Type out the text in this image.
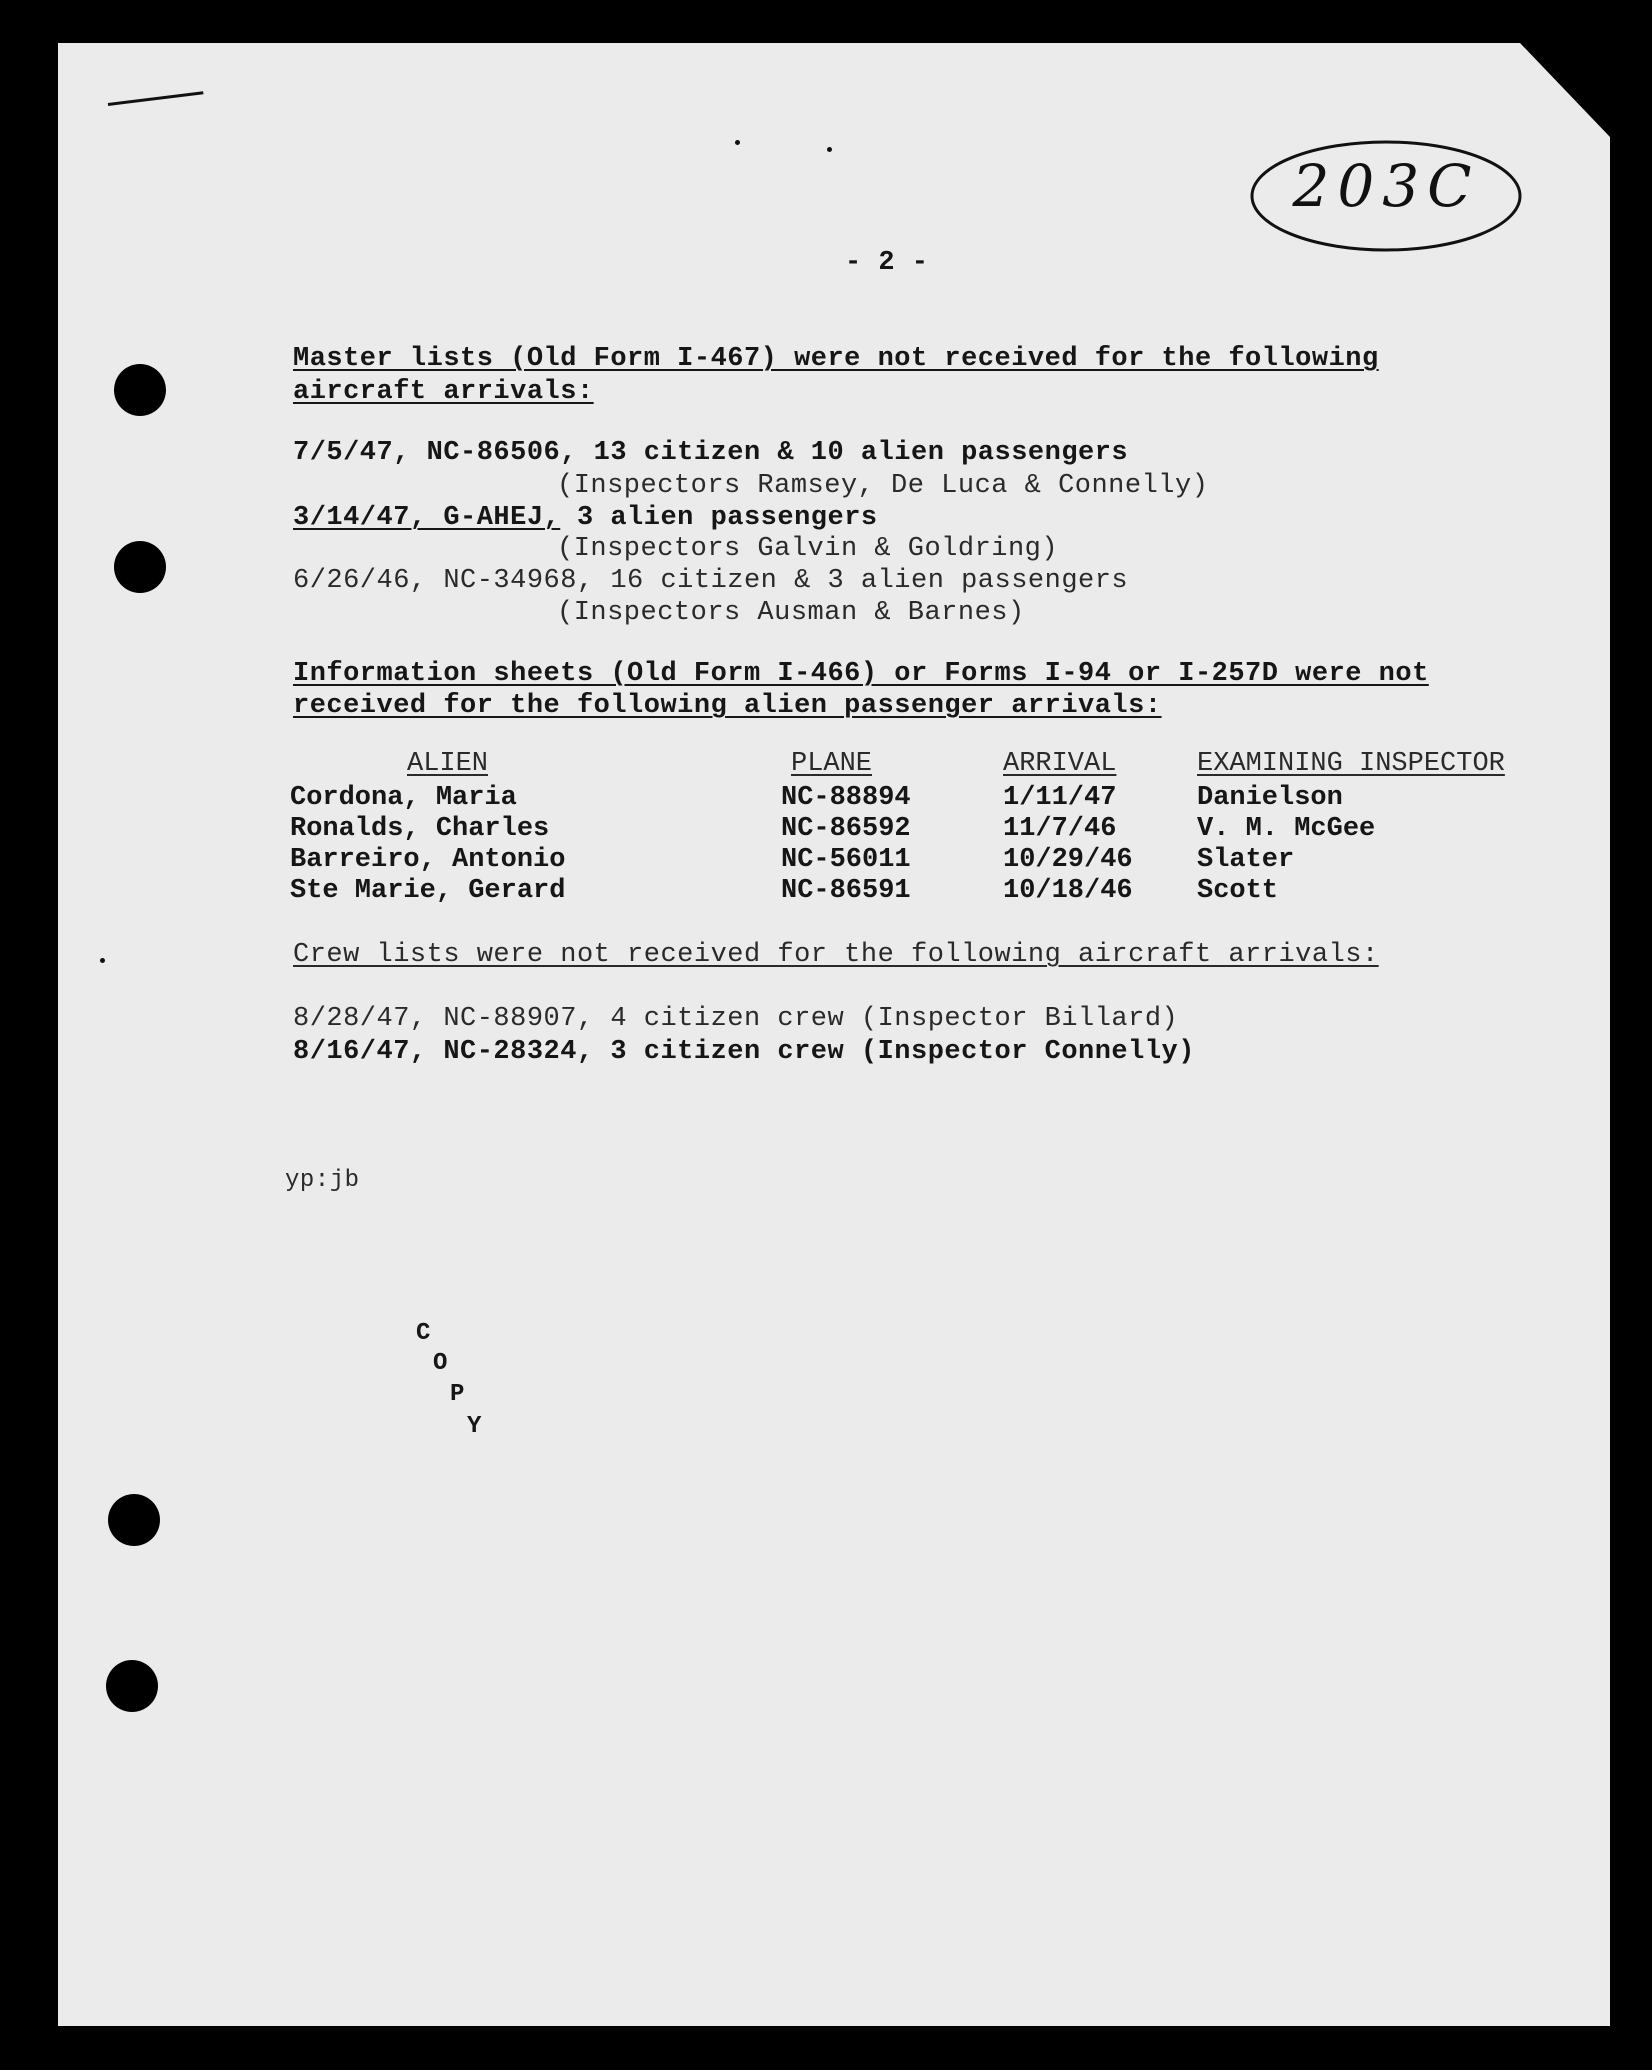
203C
- 2 -
Master lists (Old Form I-467) were not received for the following
aircraft arrivals:
7/5/47, NC-86506, 13 citizen & 10 alien passengers
(Inspectors Ramsey, De Luca & Connelly)
3/14/47, G-AHEJ, 3 alien passengers
(Inspectors Galvin & Goldring)
6/26/46, NC-34968, 16 citizen & 3 alien passengers
(Inspectors Ausman & Barnes)
Information sheets (Old Form I-466) or Forms I-94 or I-257D were not
received for the following alien passenger arrivals:
ALIEN	PLANE	ARRIVAL	EXAMINING INSPECTOR
Cordona, Maria	NC-88894	1/11/47	Danielson
Ronalds, Charles	NC-86592	11/7/46	V. M. McGee
Barreiro, Antonio	NC-56011	10/29/46	Slater
Ste Marie, Gerard	NC-86591	10/18/46	Scott
Crew lists were not received for the following aircraft arrivals:
8/28/47, NC-88907, 4 citizen crew (Inspector Billard)
8/16/47, NC-28324, 3 citizen crew (Inspector Connelly)
yp:jb
C
O
P
Y
